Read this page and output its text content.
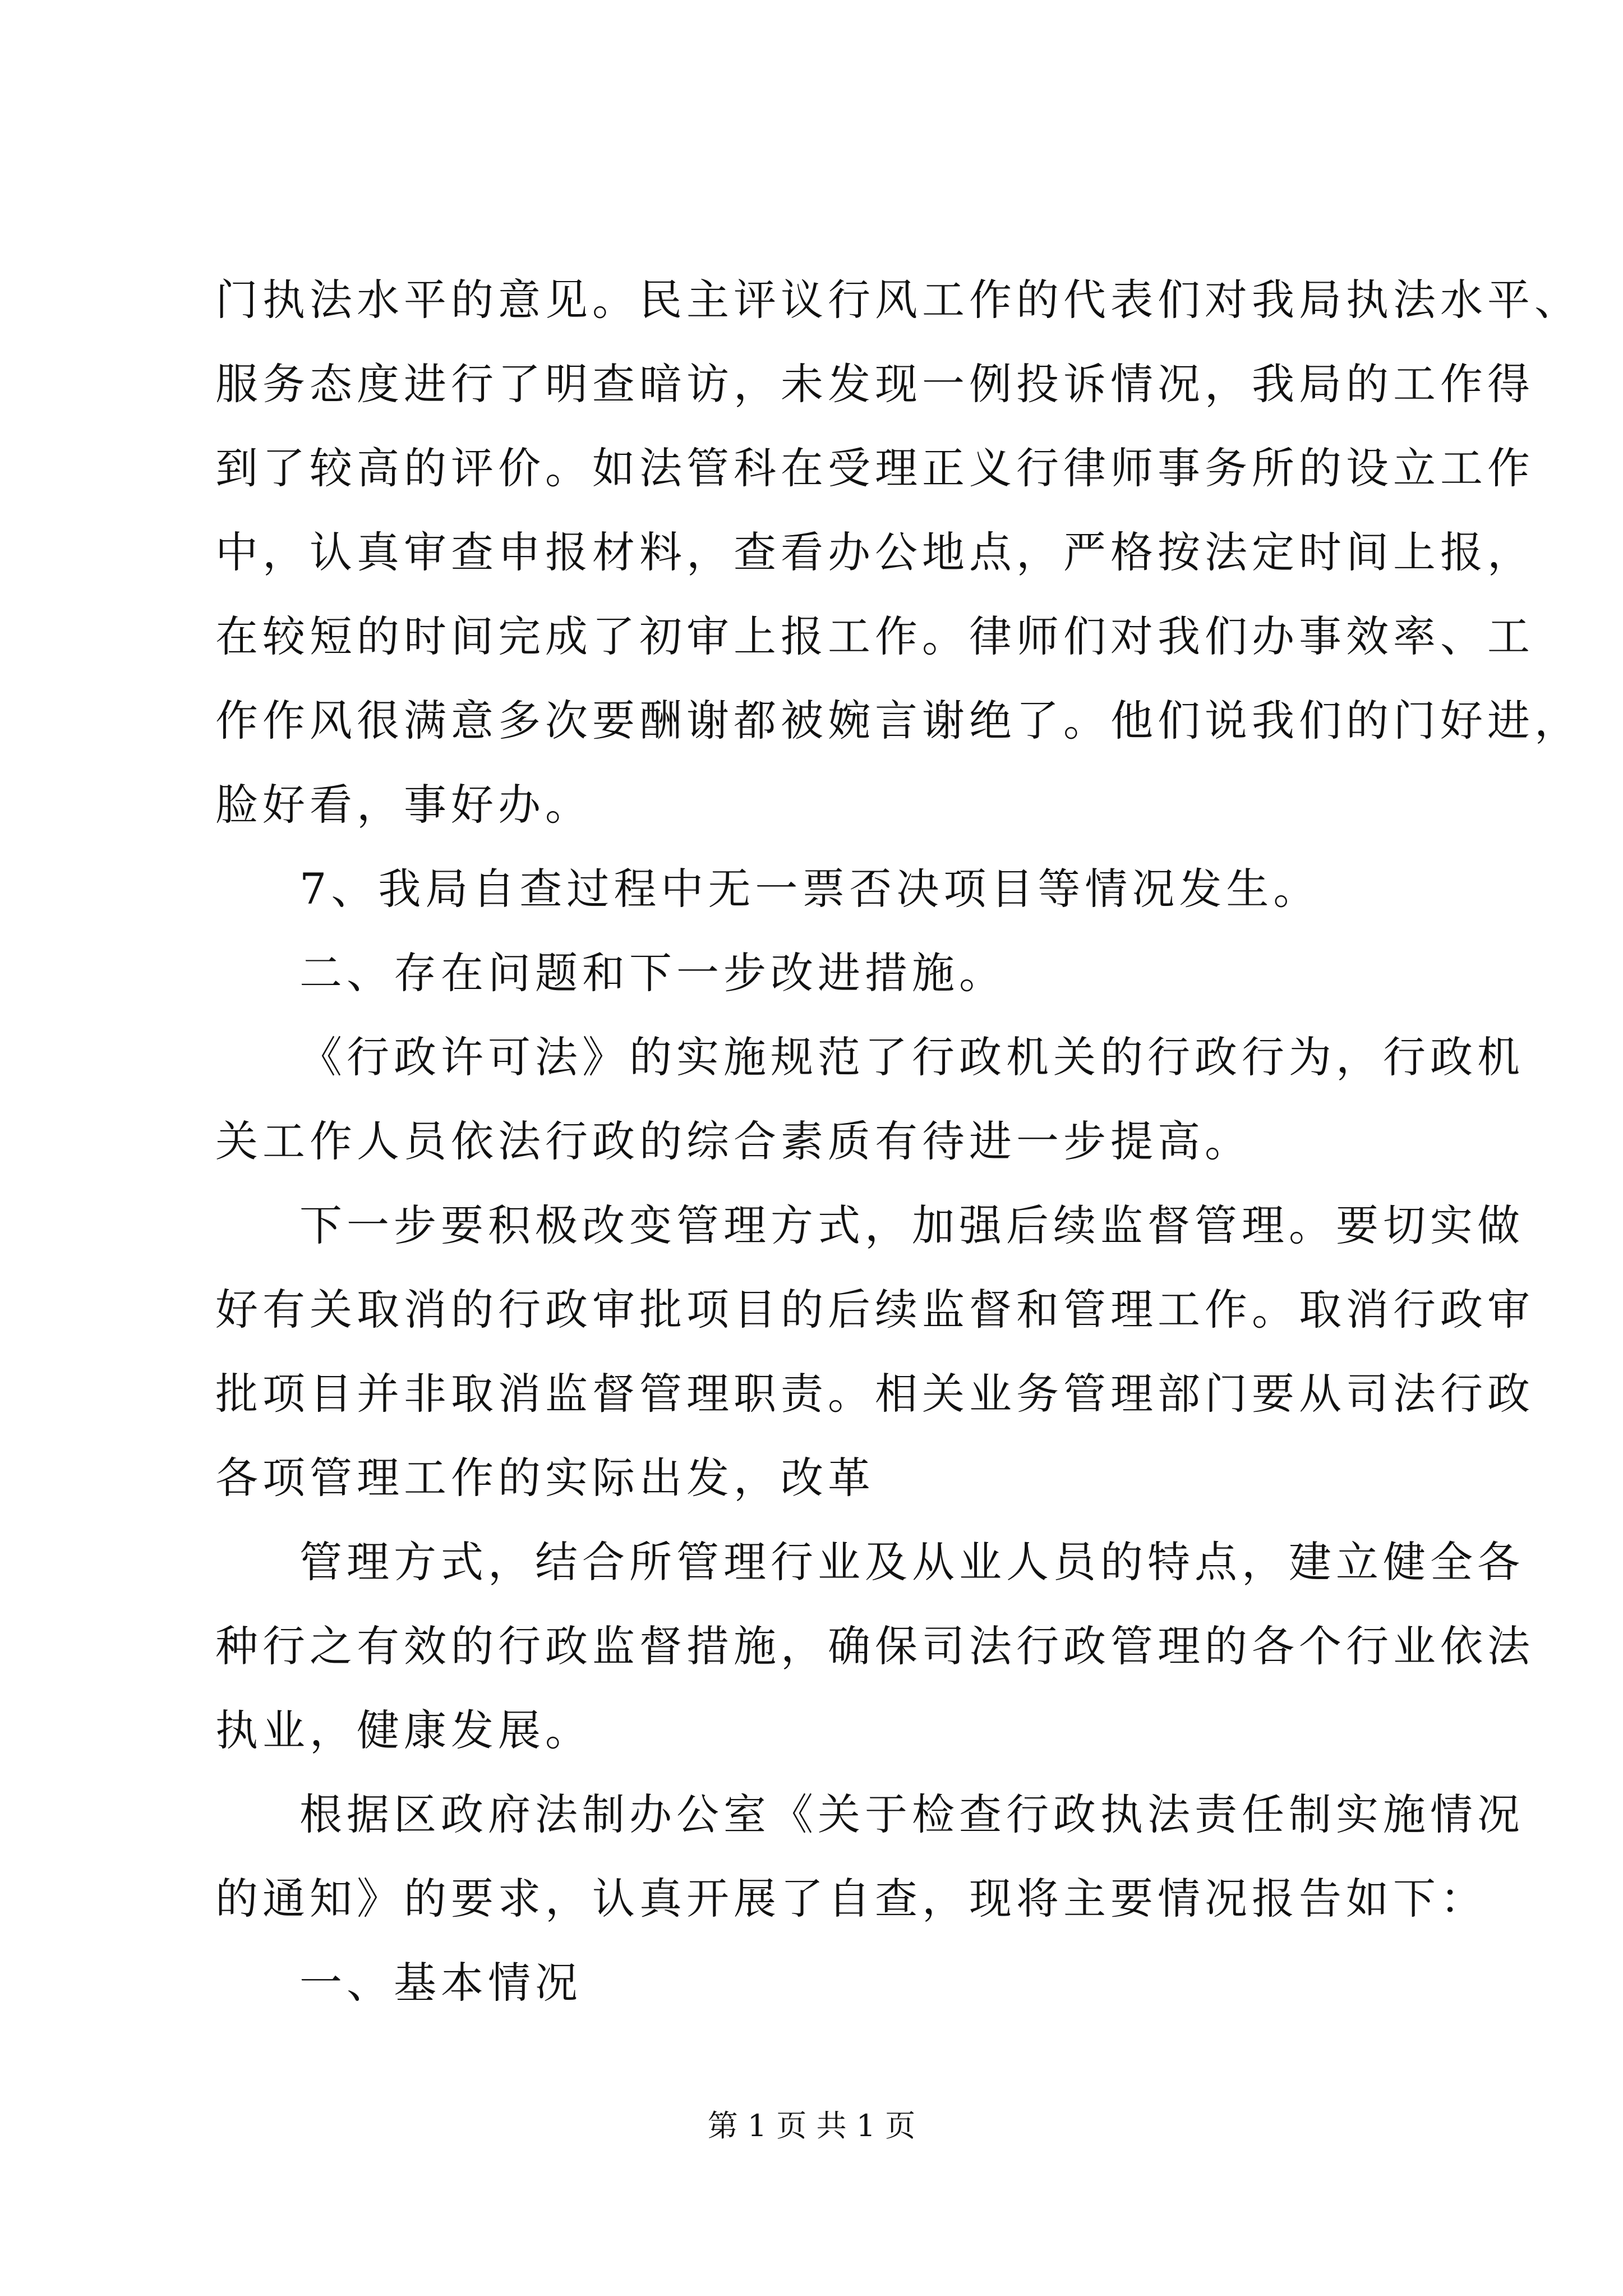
门执法水平的意见。民主评议行风工作的代表们对我局执法水平、
服务态度进行了明查暗访，未发现一例投诉情况，我局的工作得
到了较高的评价。如法管科在受理正义行律师事务所的设立工作
中，认真审查申报材料，查看办公地点，严格按法定时间上报，
在较短的时间完成了初审上报工作。律师们对我们办事效率、工
作作风很满意多次要酬谢都被婉言谢绝了。他们说我们的门好进，
脸好看，事好办。
7、我局自查过程中无一票否决项目等情况发生。
二、存在问题和下一步改进措施。
《行政许可法》的实施规范了行政机关的行政行为，行政机
关工作人员依法行政的综合素质有待进一步提高。
下一步要积极改变管理方式，加强后续监督管理。要切实做
好有关取消的行政审批项目的后续监督和管理工作。取消行政审
批项目并非取消监督管理职责。相关业务管理部门要从司法行政
各项管理工作的实际出发，改革
管理方式，结合所管理行业及从业人员的特点，建立健全各
种行之有效的行政监督措施，确保司法行政管理的各个行业依法
执业，健康发展。
根据区政府法制办公室《关于检查行政执法责任制实施情况
的通知》的要求，认真开展了自查，现将主要情况报告如下：
一、基本情况
第 1 页 共 1 页
